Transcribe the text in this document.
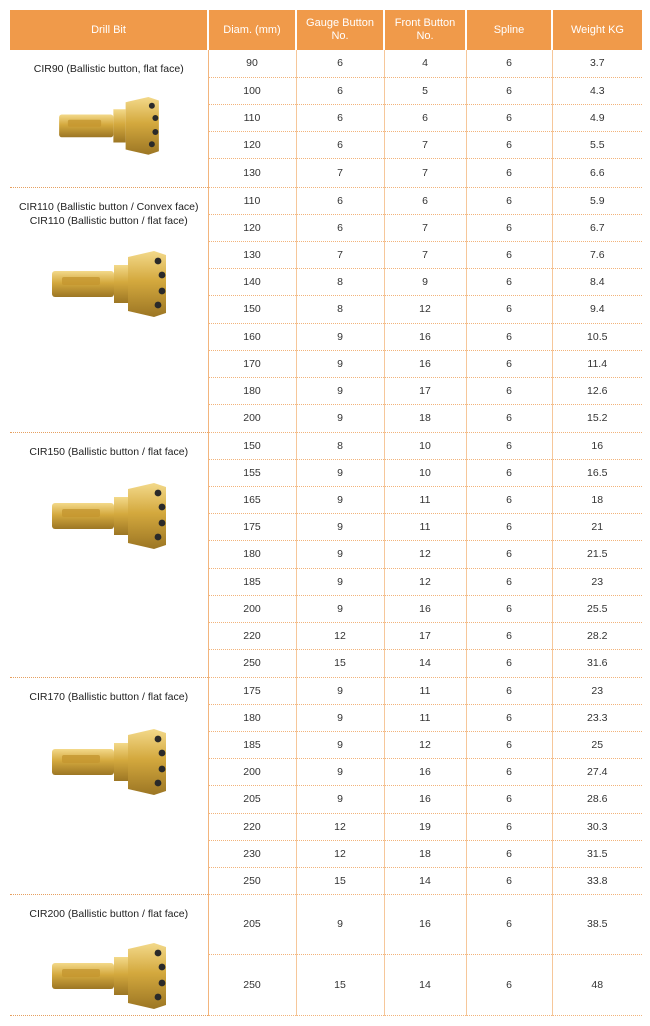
Drill Bit	Diam. (mm)	Gauge Button No.	Front Button No.	Spline	Weight KG

CIR90 (Ballistic button, flat face)	90	6	4	6	3.7
	100	6	5	6	4.3
	110	6	6	6	4.9
	120	6	7	6	5.5
	130	7	7	6	6.6

CIR110 (Ballistic button / Convex face)
CIR110 (Ballistic button / flat face)	110	6	6	6	5.9
	120	6	7	6	6.7
	130	7	7	6	7.6
	140	8	9	6	8.4
	150	8	12	6	9.4
	160	9	16	6	10.5
	170	9	16	6	11.4
	180	9	17	6	12.6
	200	9	18	6	15.2

CIR150 (Ballistic button / flat face)	150	8	10	6	16
	155	9	10	6	16.5
	165	9	11	6	18
	175	9	11	6	21
	180	9	12	6	21.5
	185	9	12	6	23
	200	9	16	6	25.5
	220	12	17	6	28.2
	250	15	14	6	31.6

CIR170 (Ballistic button / flat face)	175	9	11	6	23
	180	9	11	6	23.3
	185	9	12	6	25
	200	9	16	6	27.4
	205	9	16	6	28.6
	220	12	19	6	30.3
	230	12	18	6	31.5
	250	15	14	6	33.8

CIR200 (Ballistic button / flat face)	205	9	16	6	38.5
	250	15	14	6	48
